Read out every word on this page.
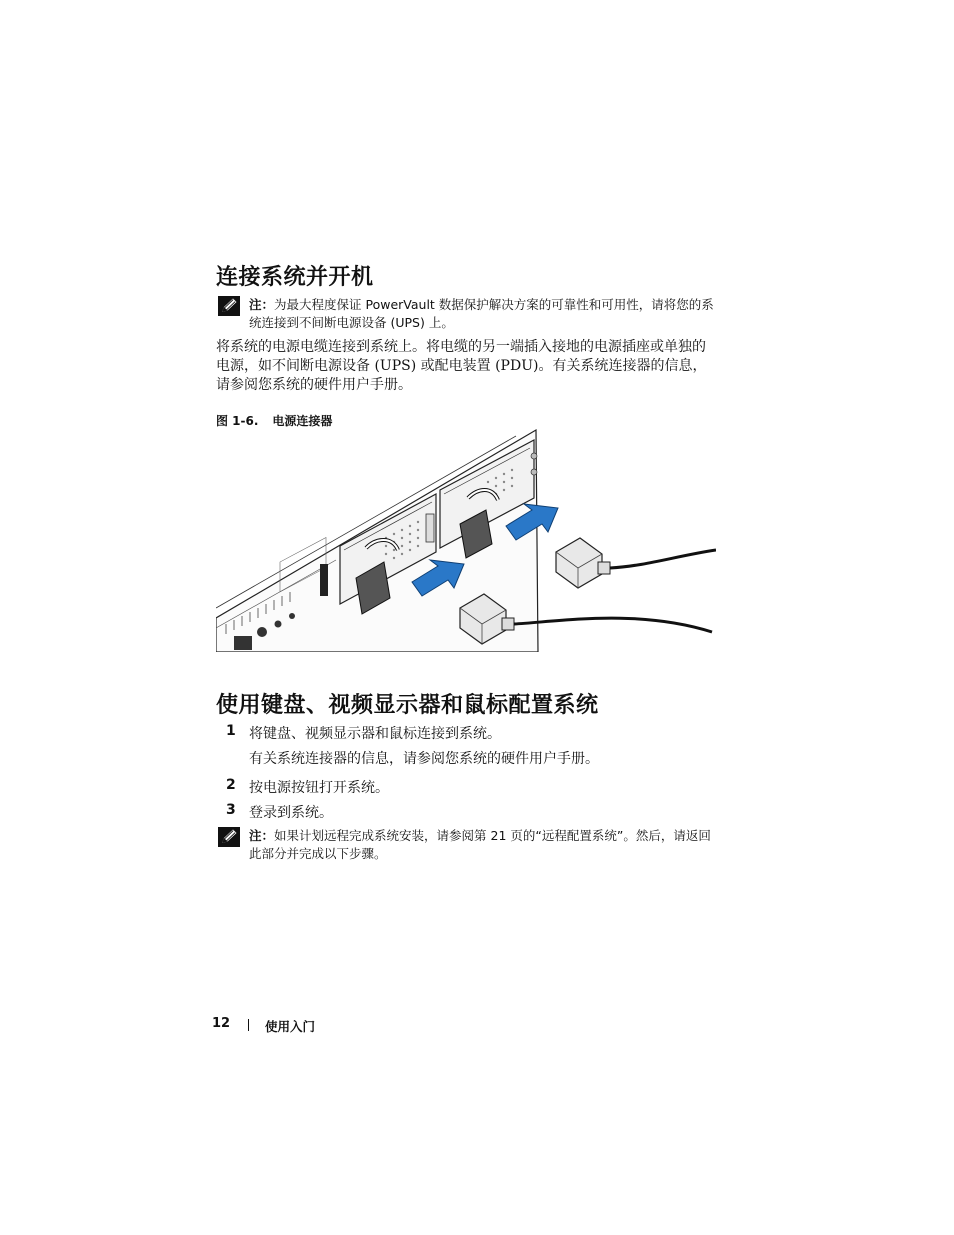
连接系统并开机
注：为最大程度保证 PowerVault 数据保护解决方案的可靠性和可用性，请将您的系统连接到不间断电源设备 (UPS) 上。
将系统的电源电缆连接到系统上。将电缆的另一端插入接地的电源插座或单独的电源，如不间断电源设备 (UPS) 或配电装置 (PDU)。有关系统连接器的信息，请参阅您系统的硬件用户手册。
图 1-6. 电源连接器
使用键盘、视频显示器和鼠标配置系统
1 将键盘、视频显示器和鼠标连接到系统。
有关系统连接器的信息，请参阅您系统的硬件用户手册。
2 按电源按钮打开系统。
3 登录到系统。
注：如果计划远程完成系统安装，请参阅第 21 页的“远程配置系统”。然后，请返回此部分并完成以下步骤。
12	使用入门
